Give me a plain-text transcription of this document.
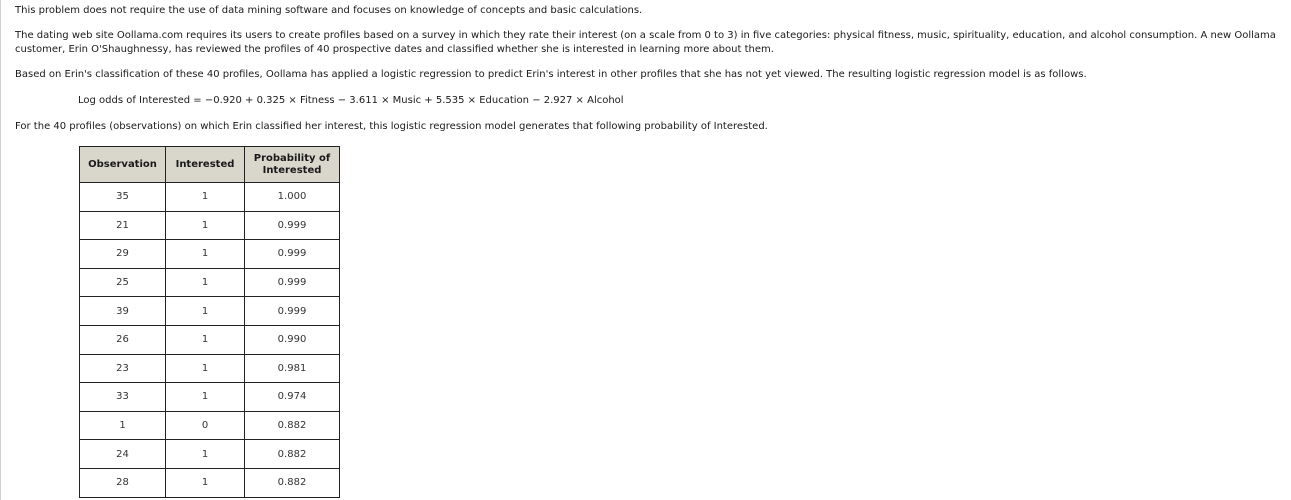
This problem does not require the use of data mining software and focuses on knowledge of concepts and basic calculations.

The dating web site Oollama.com requires its users to create profiles based on a survey in which they rate their interest (on a scale from 0 to 3) in five categories: physical fitness, music, spirituality, education, and alcohol consumption. A new Oollama customer, Erin O'Shaughnessy, has reviewed the profiles of 40 prospective dates and classified whether she is interested in learning more about them.

Based on Erin's classification of these 40 profiles, Oollama has applied a logistic regression to predict Erin's interest in other profiles that she has not yet viewed. The resulting logistic regression model is as follows.

Log odds of Interested = −0.920 + 0.325 × Fitness − 3.611 × Music + 5.535 × Education − 2.927 × Alcohol

For the 40 profiles (observations) on which Erin classified her interest, this logistic regression model generates that following probability of Interested.

Observation	Interested	Probability of
Interested
35	1	1.000
21	1	0.999
29	1	0.999
25	1	0.999
39	1	0.999
26	1	0.990
23	1	0.981
33	1	0.974
1	0	0.882
24	1	0.882
28	1	0.882
